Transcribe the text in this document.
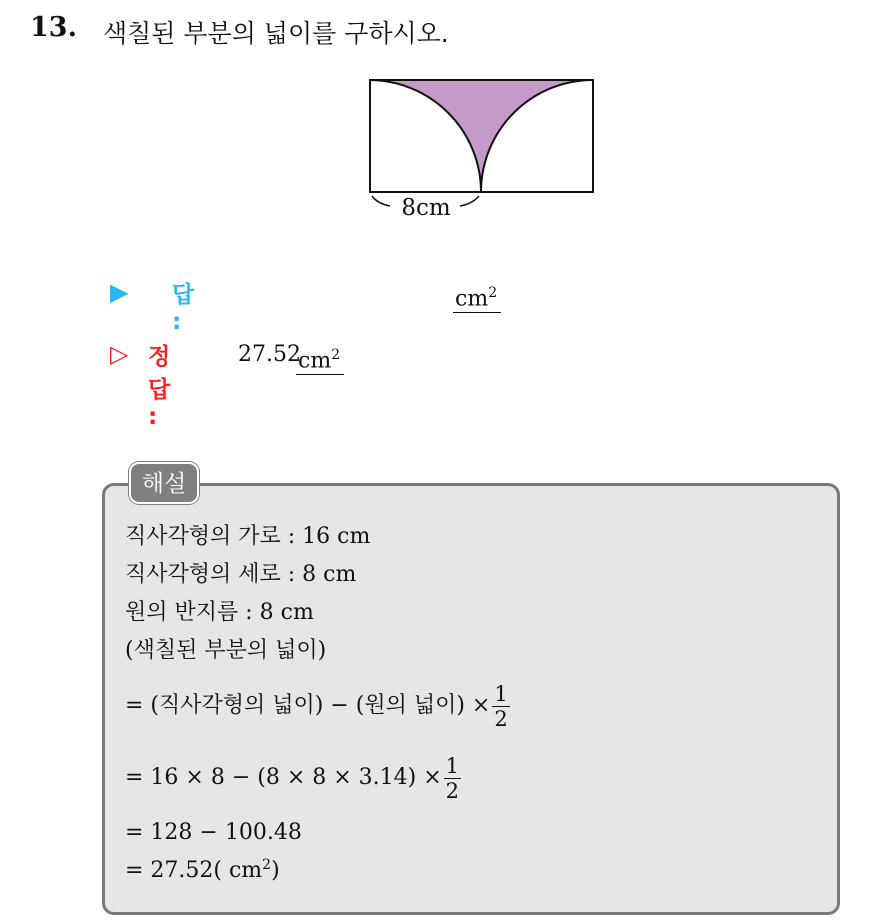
13. 색칠된 부분의 넓이를 구하시오.
8cm
▶ 답 :
$cm^2$
▷ 정답 :
27.52
$cm^2$
해설
직사각형의 가로 : 16 cm
직사각형의 세로 : 8 cm
원의 반지름 : 8 cm
(색칠된 부분의 넓이)
= (직사각형의 넓이) − (원의 넓이) × $\frac{1}{2}$
= $16 \times 8 - (8 \times 8 \times 3.14) \times \frac{1}{2}$
= 128 − 100.48
= 27.52( $cm^2$ )
